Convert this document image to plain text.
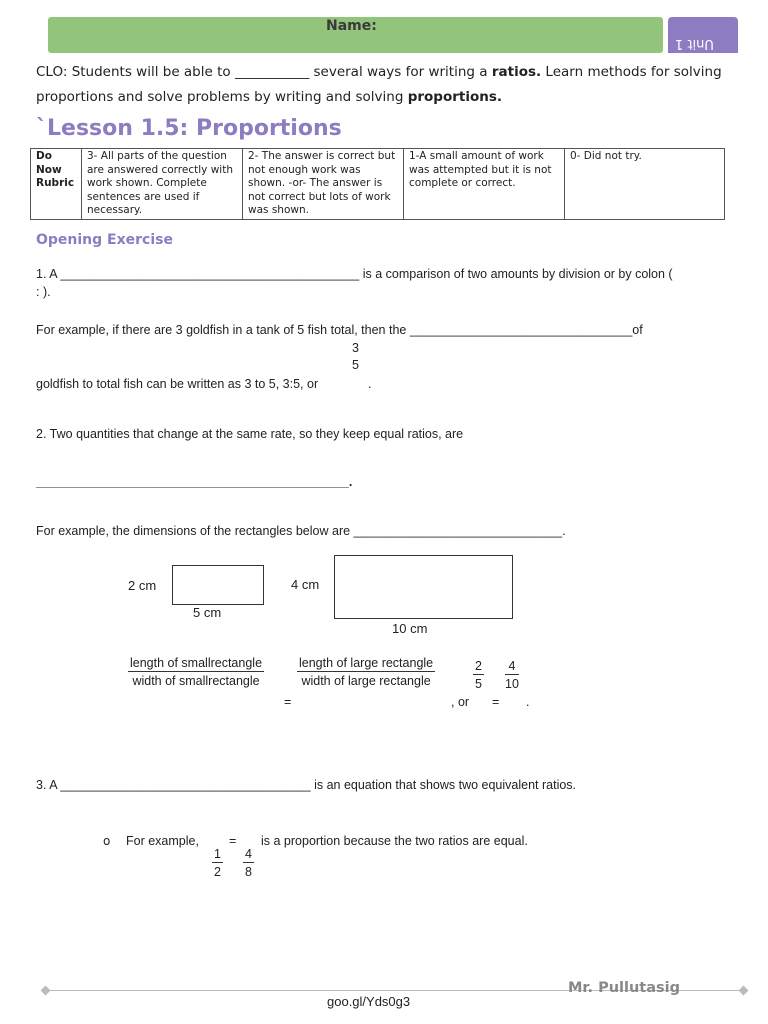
Name:
Unit 1
CLO: Students will be able to ___________ several ways for writing a ratios. Learn methods for solving proportions and solve problems by writing and solving proportions.
`Lesson 1.5: Proportions
Do Now Rubric	3- All parts of the question are answered correctly with work shown. Complete sentences are used if necessary.	2- The answer is correct but not enough work was shown. -or- The answer is not correct but lots of work was shown.	1-A small amount of work was attempted but it is not complete or correct.	0- Did not try.
Opening Exercise
1. A ___________________________________________ is a comparison of two amounts by division or by colon (
: ).
For example, if there are 3 goldfish in a tank of 5 fish total, then the ________________________________of
3
5
goldfish to total fish can be written as 3 to 5, 3:5, or	.
2. Two quantities that change at the same rate, so they keep equal ratios, are
_____________________________________________.
For example, the dimensions of the rectangles below are ______________________________.
2 cm
5 cm
4 cm
10 cm
length of smallrectangle
width of smallrectangle
length of large rectangle
width of large rectangle	$\frac{2}{5} \frac{4}{10}$
=	, or = .
3. A ____________________________________ is an equation that shows two equivalent ratios.
o For example, = is a proportion because the two ratios are equal.
$\frac{1}{2} \frac{4}{8}$
Mr. Pullutasig
goo.gl/Yds0g3
